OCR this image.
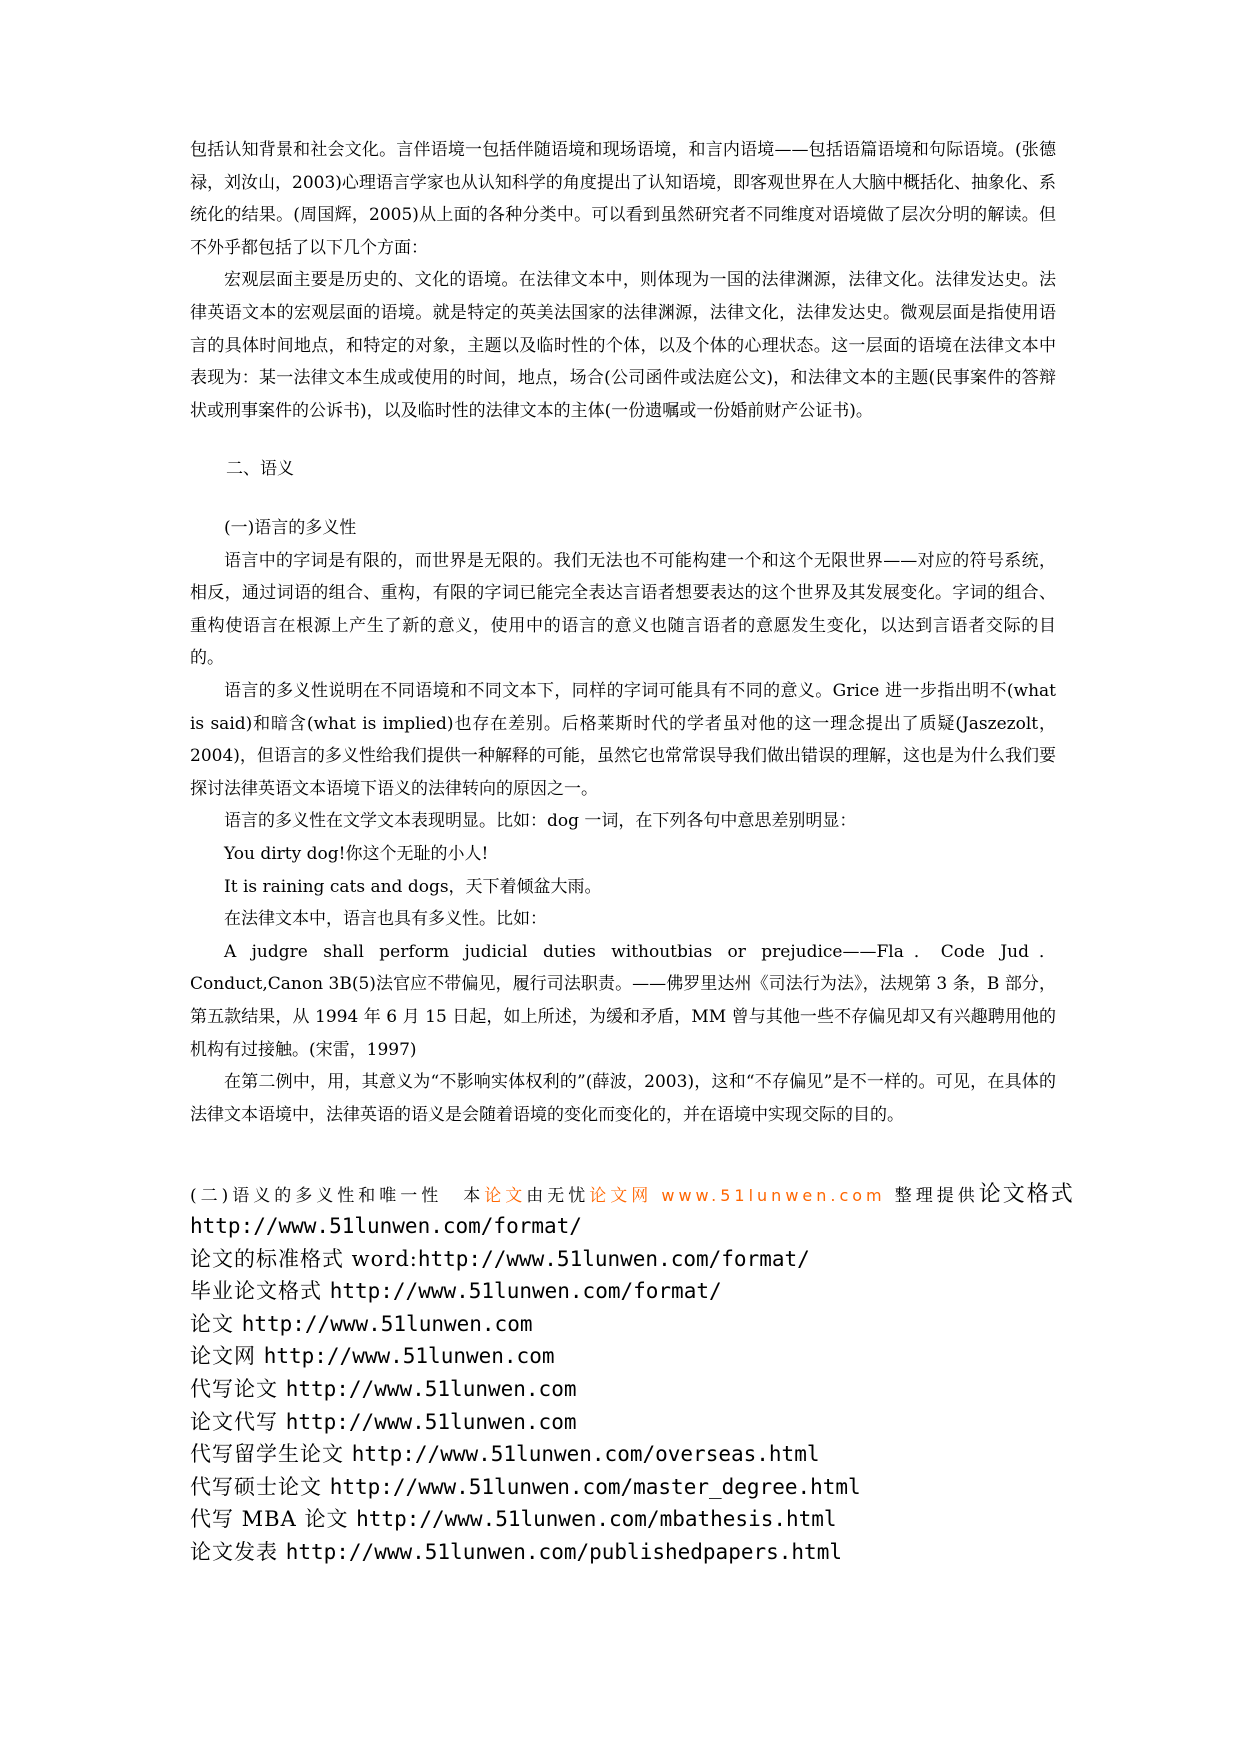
包括认知背景和社会文化。言伴语境一包括伴随语境和现场语境，和言内语境——包括语篇语境和句际语境。(张德禄，刘汝山，2003)心理语言学家也从认知科学的角度提出了认知语境，即客观世界在人大脑中概括化、抽象化、系统化的结果。(周国辉，2005)从上面的各种分类中。可以看到虽然研究者不同维度对语境做了层次分明的解读。但不外乎都包括了以下几个方面：

宏观层面主要是历史的、文化的语境。在法律文本中，则体现为一国的法律渊源，法律文化。法律发达史。法律英语文本的宏观层面的语境。就是特定的英美法国家的法律渊源，法律文化，法律发达史。微观层面是指使用语言的具体时间地点，和特定的对象，主题以及临时性的个体，以及个体的心理状态。这一层面的语境在法律文本中表现为：某一法律文本生成或使用的时间，地点，场合(公司函件或法庭公文)，和法律文本的主题(民事案件的答辩状或刑事案件的公诉书)，以及临时性的法律文本的主体(一份遗嘱或一份婚前财产公证书)。

二、语义

(一)语言的多义性

语言中的字词是有限的，而世界是无限的。我们无法也不可能构建一个和这个无限世界——对应的符号系统，相反，通过词语的组合、重构，有限的字词已能完全表达言语者想要表达的这个世界及其发展变化。字词的组合、重构使语言在根源上产生了新的意义，使用中的语言的意义也随言语者的意愿发生变化，以达到言语者交际的目的。

语言的多义性说明在不同语境和不同文本下，同样的字词可能具有不同的意义。Grice 进一步指出明不(what is said)和暗含(what is implied)也存在差别。后格莱斯时代的学者虽对他的这一理念提出了质疑(Jaszezolt，2004)，但语言的多义性给我们提供一种解释的可能，虽然它也常常误导我们做出错误的理解，这也是为什么我们要探讨法律英语文本语境下语义的法律转向的原因之一。

语言的多义性在文学文本表现明显。比如：dog 一词，在下列各句中意思差别明显：

You dirty dog!你这个无耻的小人!

It is raining cats and dogs，天下着倾盆大雨。

在法律文本中，语言也具有多义性。比如：

A judgre shall perform judicial duties withoutbias or prejudice——Fla．Code Jud．Conduct,Canon 3B(5)法官应不带偏见，履行司法职责。——佛罗里达州《司法行为法》，法规第 3 条，B 部分，第五款结果，从 1994 年 6 月 15 日起，如上所述，为缓和矛盾，MM 曾与其他一些不存偏见却又有兴趣聘用他的机构有过接触。(宋雷，1997)

在第二例中，用，其意义为“不影响实体权利的”(薛波，2003)，这和“不存偏见”是不一样的。可见，在具体的法律文本语境中，法律英语的语义是会随着语境的变化而变化的，并在语境中实现交际的目的。

(二)语义的多义性和唯一性　本论文由无忧论文网 www.51lunwen.com 整理提供论文格式
http://www.51lunwen.com/format/
论文的标准格式 word:http://www.51lunwen.com/format/
毕业论文格式 http://www.51lunwen.com/format/
论文 http://www.51lunwen.com
论文网 http://www.51lunwen.com
代写论文 http://www.51lunwen.com
论文代写 http://www.51lunwen.com
代写留学生论文 http://www.51lunwen.com/overseas.html
代写硕士论文 http://www.51lunwen.com/master_degree.html
代写 MBA 论文 http://www.51lunwen.com/mbathesis.html
论文发表 http://www.51lunwen.com/publishedpapers.html
